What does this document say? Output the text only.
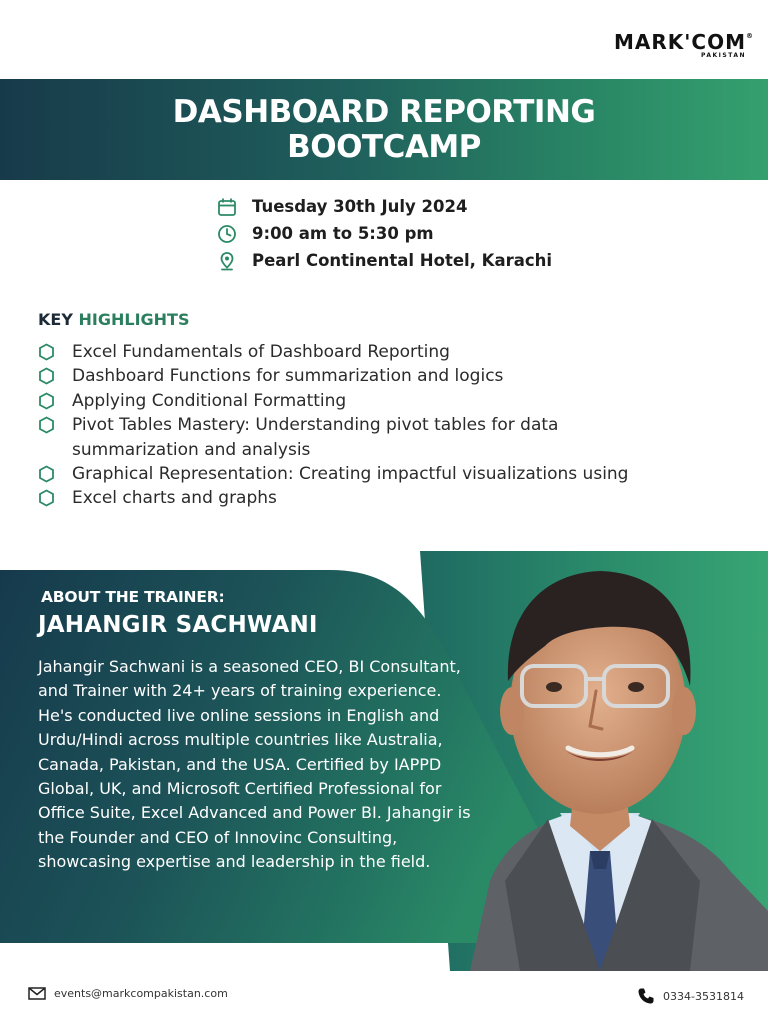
MARK'COM®
PAKISTAN
DASHBOARD REPORTING
BOOTCAMP
Tuesday 30th July 2024
9:00 am to 5:30 pm
Pearl Continental Hotel, Karachi
KEY HIGHLIGHTS
Excel Fundamentals of Dashboard Reporting
Dashboard Functions for summarization and logics
Applying Conditional Formatting
Pivot Tables Mastery: Understanding pivot tables for data
summarization and analysis
Graphical Representation: Creating impactful visualizations using
Excel charts and graphs
ABOUT THE TRAINER:
JAHANGIR SACHWANI
Jahangir Sachwani is a seasoned CEO, BI Consultant, and Trainer with 24+ years of training experience. He's conducted live online sessions in English and Urdu/Hindi across multiple countries like Australia, Canada, Pakistan, and the USA. Certified by IAPPD Global, UK, and Microsoft Certified Professional for Office Suite, Excel Advanced and Power BI. Jahangir is the Founder and CEO of Innovinc Consulting, showcasing expertise and leadership in the field.
events@markcompakistan.com	0334-3531814
